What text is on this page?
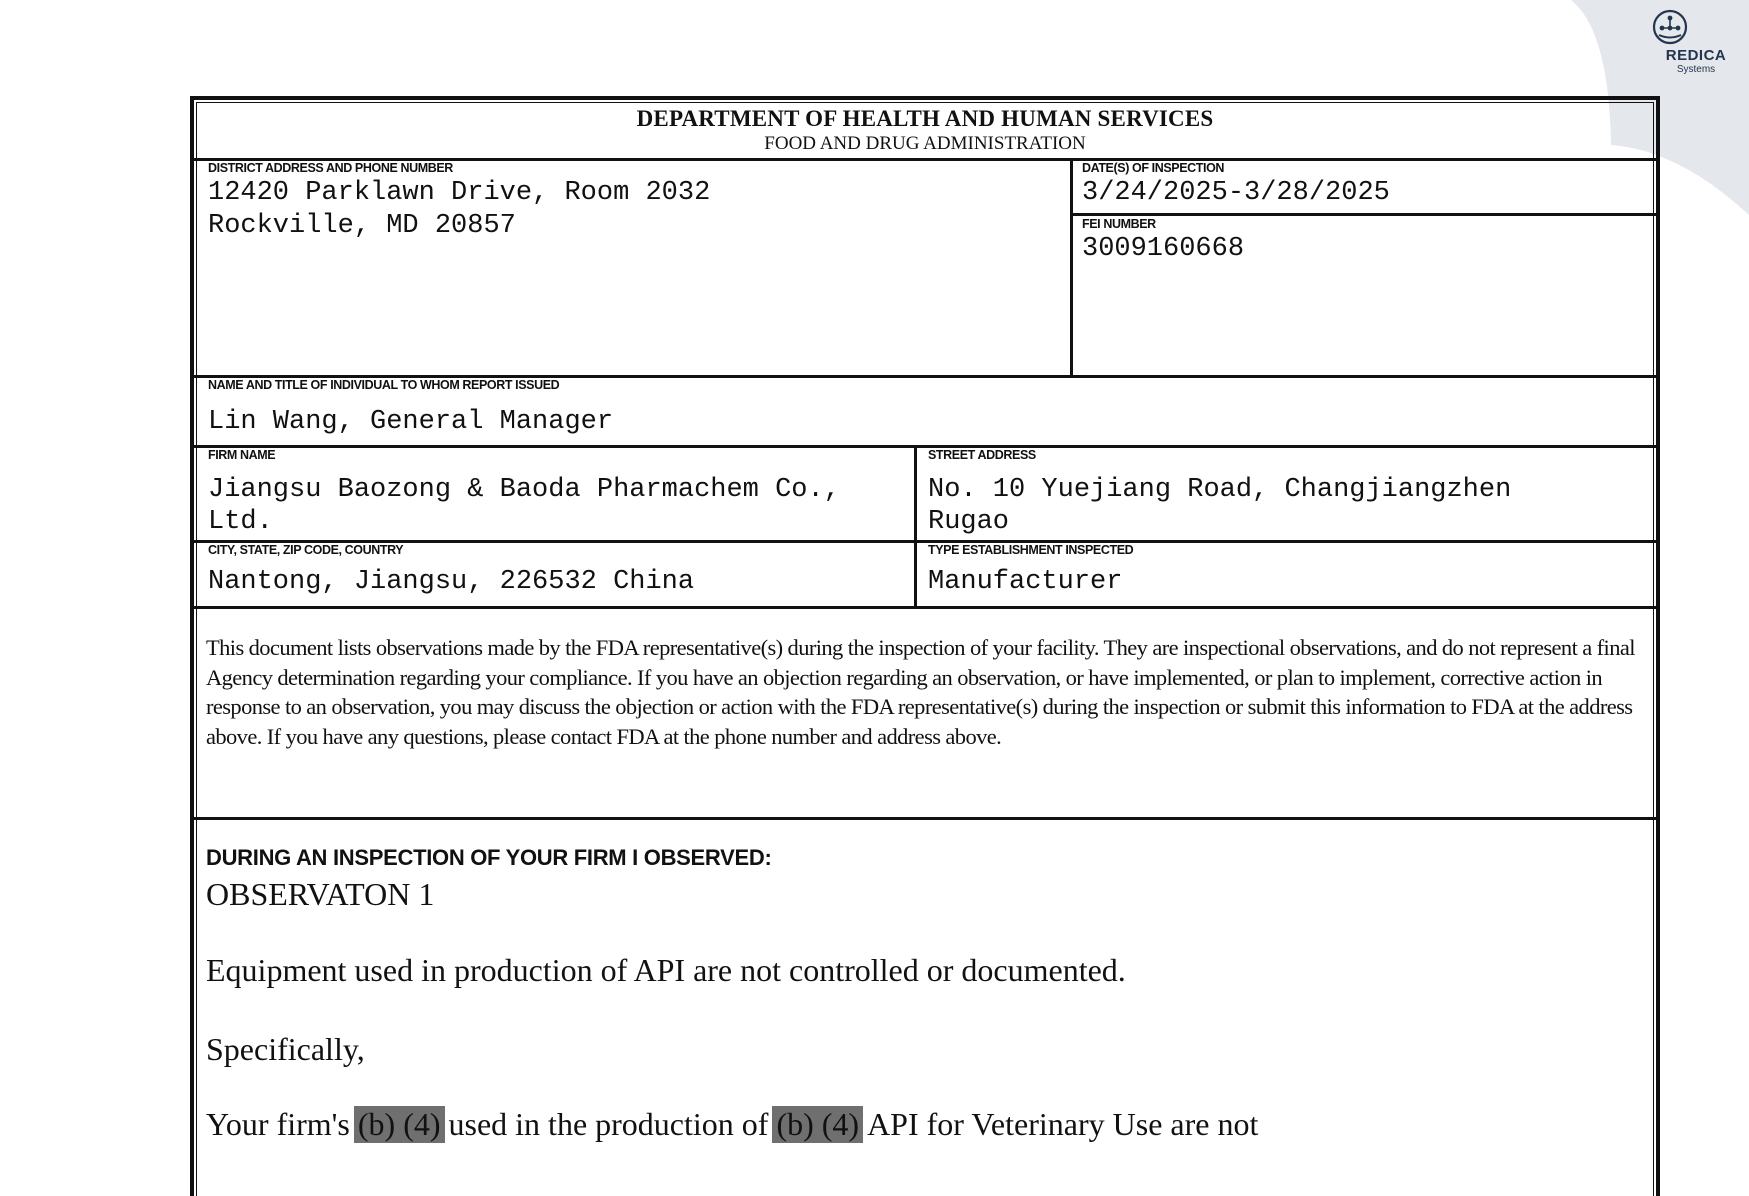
REDICA
Systems
DEPARTMENT OF HEALTH AND HUMAN SERVICES
FOOD AND DRUG ADMINISTRATION
DISTRICT ADDRESS AND PHONE NUMBER
12420 Parklawn Drive, Room 2032
Rockville, MD 20857
DATE(S) OF INSPECTION
3/24/2025-3/28/2025
FEI NUMBER
3009160668
NAME AND TITLE OF INDIVIDUAL TO WHOM REPORT ISSUED
Lin Wang, General Manager
FIRM NAME
Jiangsu Baozong & Baoda Pharmachem Co.,
Ltd.
STREET ADDRESS
No. 10 Yuejiang Road, Changjiangzhen
Rugao
CITY, STATE, ZIP CODE, COUNTRY
Nantong, Jiangsu, 226532 China
TYPE ESTABLISHMENT INSPECTED
Manufacturer
This document lists observations made by the FDA representative(s) during the inspection of your facility. They are inspectional observations, and do not represent a final Agency determination regarding your compliance. If you have an objection regarding an observation, or have implemented, or plan to implement, corrective action in response to an observation, you may discuss the objection or action with the FDA representative(s) during the inspection or submit this information to FDA at the address above. If you have any questions, please contact FDA at the phone number and address above.
DURING AN INSPECTION OF YOUR FIRM I OBSERVED:
OBSERVATON 1
Equipment used in production of API are not controlled or documented.
Specifically,
Your firm's (b) (4) used in the production of (b) (4) API for Veterinary Use are not
